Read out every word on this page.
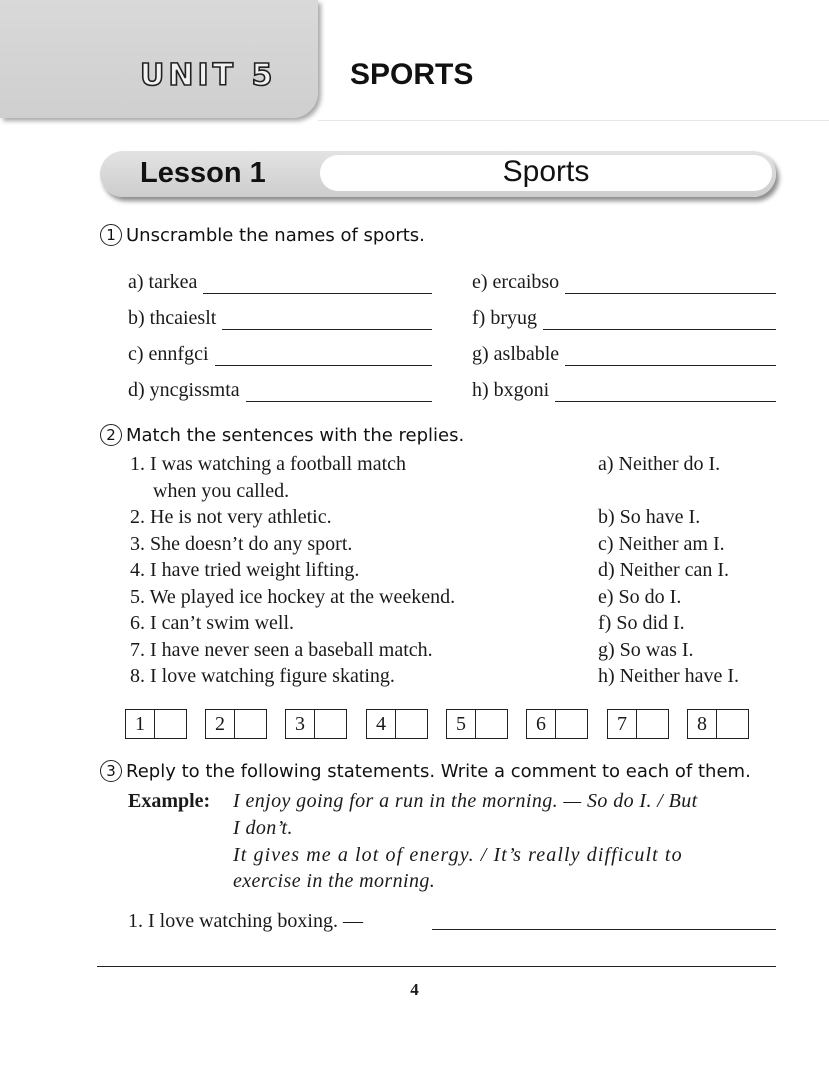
UNIT 5 SPORTS
Lesson 1	Sports
1 Unscramble the names of sports.
a) tarkea
b) thcaieslt
c) ennfgci
d) yncgissmta
e) ercaibso
f) bryug
g) aslbable
h) bxgoni
2 Match the sentences with the replies.
1. I was watching a football match
when you called.
2. He is not very athletic.
3. She doesn’t do any sport.
4. I have tried weight lifting.
5. We played ice hockey at the weekend.
6. I can’t swim well.
7. I have never seen a baseball match.
8. I love watching figure skating.
a) Neither do I.
b) So have I.
c) Neither am I.
d) Neither can I.
e) So do I.
f) So did I.
g) So was I.
h) Neither have I.
1	2	3	4	5	6	7	8
3 Reply to the following statements. Write a comment to each of them.
Example: I enjoy going for a run in the morning. — So do I. / But
I don’t.
It gives me a lot of energy. / It’s really difficult to
exercise in the morning.
1. I love watching boxing. —
4
